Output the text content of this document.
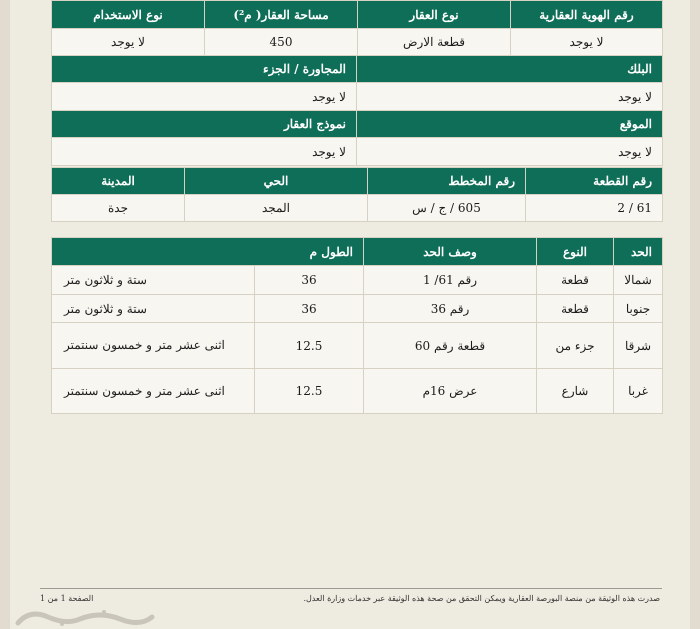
رقم الهوية العقارية	نوع العقار	مساحة العقار( م²)	نوع الاستخدام
لا يوجد	قطعة الارض	450	لا يوجد
البلك	المجاورة / الجزء
لا يوجد	لا يوجد
الموقع	نموذج العقار
لا يوجد	لا يوجد
رقم القطعة	رقم المخطط	الحي	المدينة
61 / 2	605 / ج / س	المجد	جدة
الحد	النوع	وصف الحد	الطول م	
شمالا	قطعة	رقم 61/ 1	36	ستة و ثلاثون متر
جنوبا	قطعة	رقم 36	36	ستة و ثلاثون متر
شرقا	جزء من	قطعة رقم 60	12.5	اثنى عشر متر و خمسون سنتمتر
غربا	شارع	عرض 16م	12.5	اثنى عشر متر و خمسون سنتمتر
صدرت هذه الوثيقة من منصة البورصة العقارية ويمكن التحقق من صحة هذه الوثيقة عبر خدمات وزارة العدل.
الصفحة 1 من 1
